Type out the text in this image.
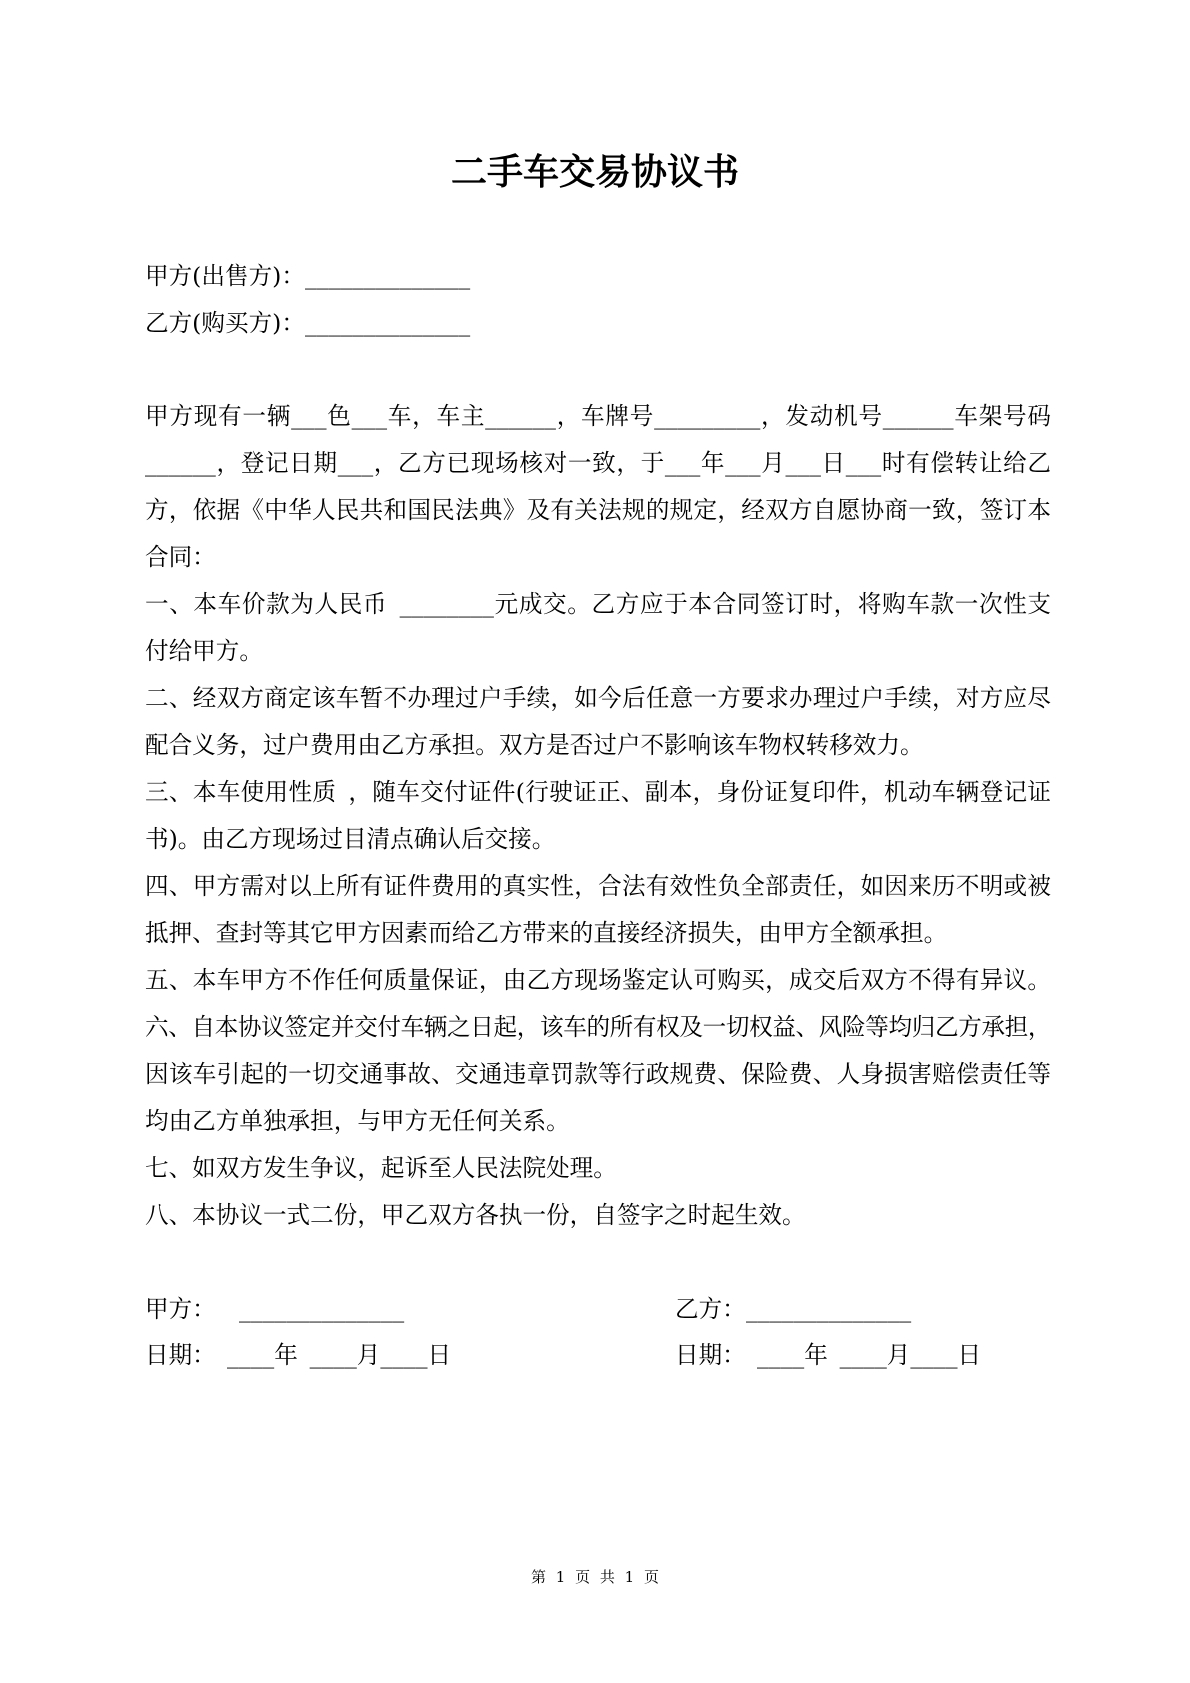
二手车交易协议书
甲方(出售方)：______________
乙方(购买方)：______________
甲方现有一辆___色___车，车主______，车牌号_________，发动机号______车架号码
______，登记日期___，乙方已现场核对一致，于___年___月___日___时有偿转让给乙
方，依据《中华人民共和国民法典》及有关法规的规定，经双方自愿协商一致，签订本
合同：
一、本车价款为人民币 ________元成交。乙方应于本合同签订时，将购车款一次性支
付给甲方。
二、经双方商定该车暂不办理过户手续，如今后任意一方要求办理过户手续，对方应尽
配合义务，过户费用由乙方承担。双方是否过户不影响该车物权转移效力。
三、本车使用性质 ，随车交付证件(行驶证正、副本，身份证复印件，机动车辆登记证
书)。由乙方现场过目清点确认后交接。
四、甲方需对以上所有证件费用的真实性，合法有效性负全部责任，如因来历不明或被
抵押、查封等其它甲方因素而给乙方带来的直接经济损失，由甲方全额承担。
五、本车甲方不作任何质量保证，由乙方现场鉴定认可购买，成交后双方不得有异议。
六、自本协议签定并交付车辆之日起，该车的所有权及一切权益、风险等均归乙方承担，
因该车引起的一切交通事故、交通违章罚款等行政规费、保险费、人身损害赔偿责任等
均由乙方单独承担，与甲方无任何关系。
七、如双方发生争议，起诉至人民法院处理。
八、本协议一式二份，甲乙双方各执一份，自签字之时起生效。
甲方： ______________	乙方： ______________
日期： ____年 ____月____日	日期： ____年 ____月____日
第 1 页 共 1 页
